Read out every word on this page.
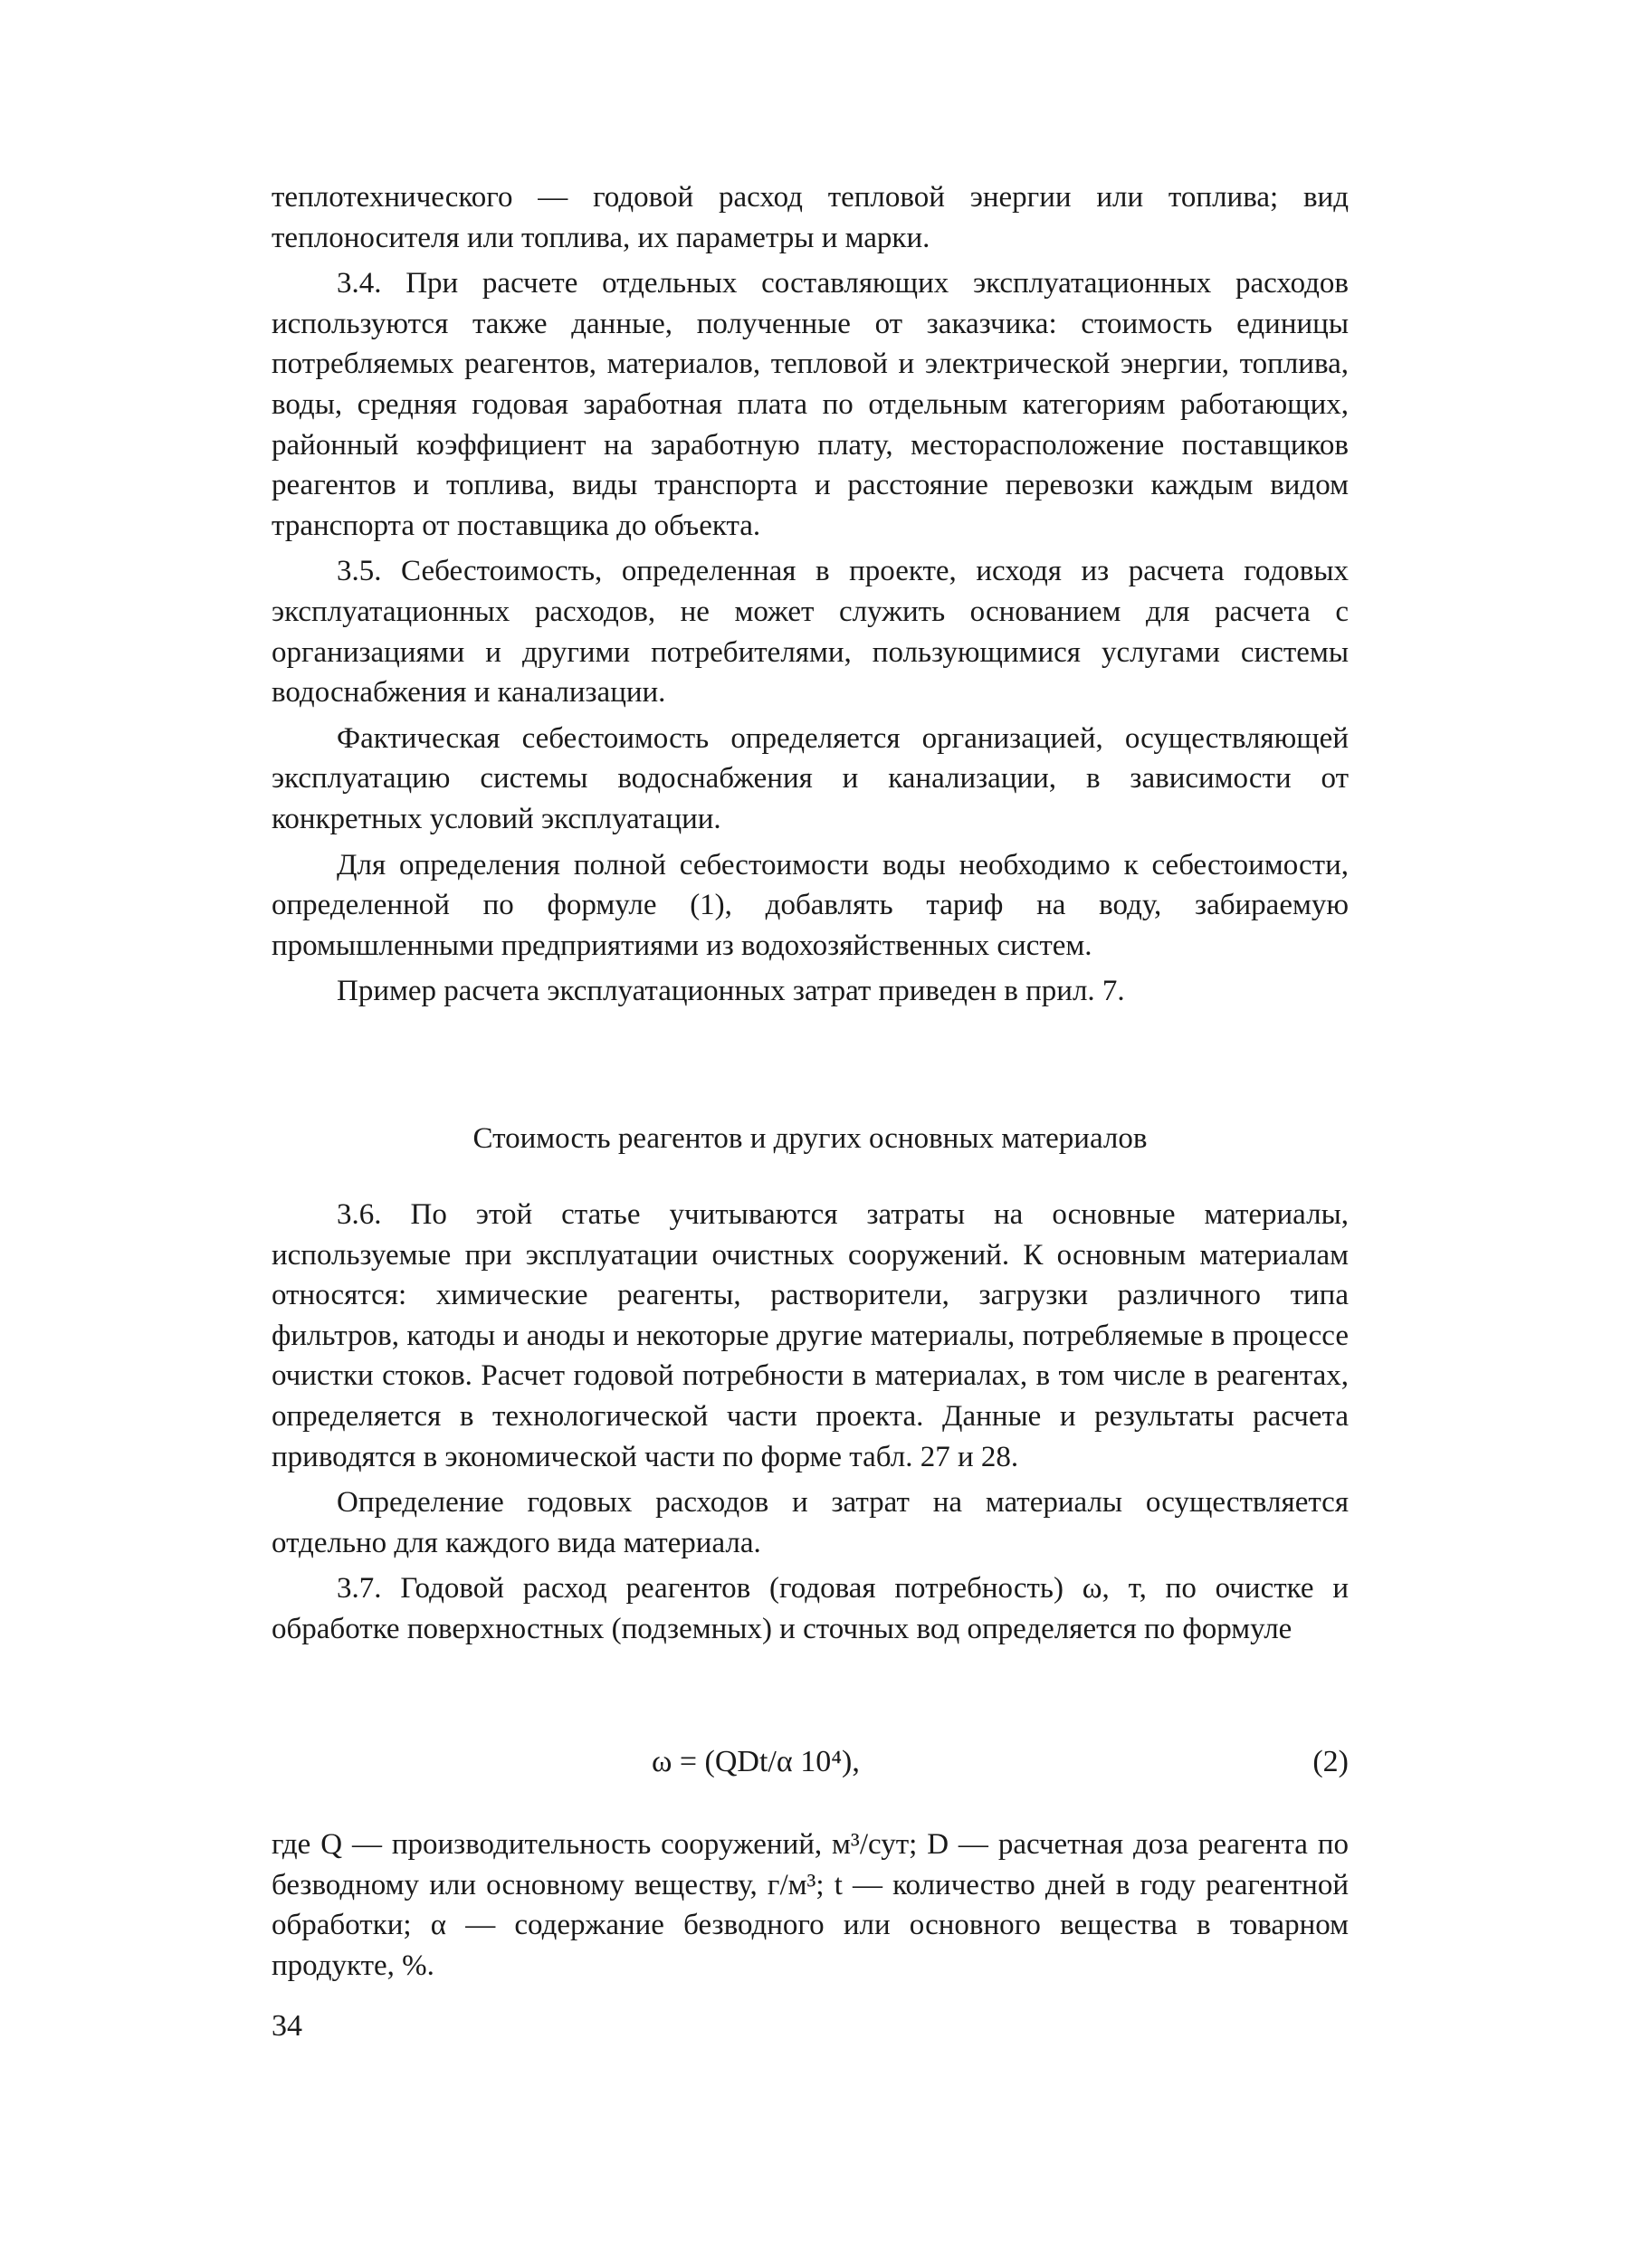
теплотехнического — годовой расход тепловой энергии или топлива; вид теплоносителя или топлива, их параметры и марки.

3.4. При расчете отдельных составляющих эксплуатационных расходов используются также данные, полученные от заказчика: стоимость единицы потребляемых реагентов, материалов, тепловой и электрической энергии, топлива, воды, средняя годовая заработная плата по отдельным категориям работающих, районный коэффициент на заработную плату, месторасположение поставщиков реагентов и топлива, виды транспорта и расстояние перевозки каждым видом транспорта от поставщика до объекта.

3.5. Себестоимость, определенная в проекте, исходя из расчета годовых эксплуатационных расходов, не может служить основанием для расчета с организациями и другими потребителями, пользующимися услугами системы водоснабжения и канализации.

Фактическая себестоимость определяется организацией, осуществляющей эксплуатацию системы водоснабжения и канализации, в зависимости от конкретных условий эксплуатации.

Для определения полной себестоимости воды необходимо к себестоимости, определенной по формуле (1), добавлять тариф на воду, забираемую промышленными предприятиями из водохозяйственных систем.

Пример расчета эксплуатационных затрат приведен в прил. 7.

Стоимость реагентов и других основных материалов

3.6. По этой статье учитываются затраты на основные материалы, используемые при эксплуатации очистных сооружений. К основным материалам относятся: химические реагенты, растворители, загрузки различного типа фильтров, катоды и аноды и некоторые другие материалы, потребляемые в процессе очистки стоков. Расчет годовой потребности в материалах, в том числе в реагентах, определяется в технологической части проекта. Данные и результаты расчета приводятся в экономической части по форме табл. 27 и 28.

Определение годовых расходов и затрат на материалы осуществляется отдельно для каждого вида материала.

3.7. Годовой расход реагентов (годовая потребность) ω, т, по очистке и обработке поверхностных (подземных) и сточных вод определяется по формуле

ω = (QDt/α 10⁴),	(2)

где Q — производительность сооружений, м³/сут; D — расчетная доза реагента по безводному или основному веществу, г/м³; t — количество дней в году реагентной обработки; α — содержание безводного или основного вещества в товарном продукте, %.

34
